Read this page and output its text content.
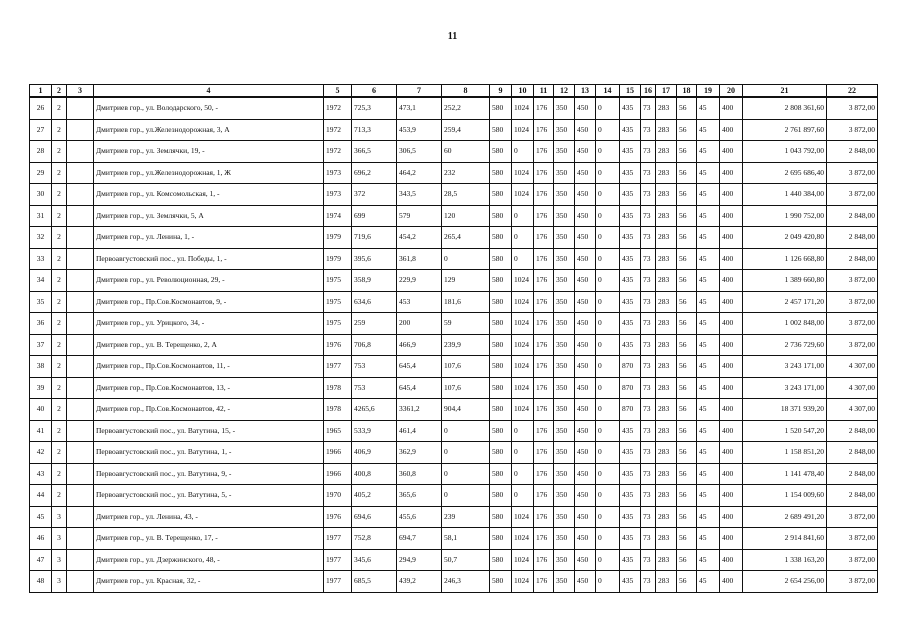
11
1	2	3	4	5	6	7	8	9	10	11	12	13	14	15	16	17	18	19	20	21	22
26	2		Дмитриев гор., ул. Володарского, 50, -	1972	725,3	473,1	252,2	580	1024	176	350	450	0	435	73	283	56	45	400	2 808 361,60	3 872,00
27	2		Дмитриев гор., ул.Железнодорожная, 3, А	1972	713,3	453,9	259,4	580	1024	176	350	450	0	435	73	283	56	45	400	2 761 897,60	3 872,00
28	2		Дмитриев гор., ул. Землячки, 19, -	1972	366,5	306,5	60	580	0	176	350	450	0	435	73	283	56	45	400	1 043 792,00	2 848,00
29	2		Дмитриев гор., ул.Железнодорожная, 1, Ж	1973	696,2	464,2	232	580	1024	176	350	450	0	435	73	283	56	45	400	2 695 686,40	3 872,00
30	2		Дмитриев гор., ул. Комсомольская, 1, -	1973	372	343,5	28,5	580	1024	176	350	450	0	435	73	283	56	45	400	1 440 384,00	3 872,00
31	2		Дмитриев гор., ул. Землячки, 5, А	1974	699	579	120	580	0	176	350	450	0	435	73	283	56	45	400	1 990 752,00	2 848,00
32	2		Дмитриев гор., ул. Ленина, 1, -	1979	719,6	454,2	265,4	580	0	176	350	450	0	435	73	283	56	45	400	2 049 420,80	2 848,00
33	2		Первоавгустовский пос., ул. Победы, 1, -	1979	395,6	361,8	0	580	0	176	350	450	0	435	73	283	56	45	400	1 126 668,80	2 848,00
34	2		Дмитриев гор., ул. Революционная, 29, -	1975	358,9	229,9	129	580	1024	176	350	450	0	435	73	283	56	45	400	1 389 660,80	3 872,00
35	2		Дмитриев гор., Пр.Сов.Космонавтов, 9, -	1975	634,6	453	181,6	580	1024	176	350	450	0	435	73	283	56	45	400	2 457 171,20	3 872,00
36	2		Дмитриев гор., ул. Урицкого, 34, -	1975	259	200	59	580	1024	176	350	450	0	435	73	283	56	45	400	1 002 848,00	3 872,00
37	2		Дмитриев гор., ул. В. Терещенко, 2, А	1976	706,8	466,9	239,9	580	1024	176	350	450	0	435	73	283	56	45	400	2 736 729,60	3 872,00
38	2		Дмитриев гор., Пр.Сов.Космонавтов, 11, -	1977	753	645,4	107,6	580	1024	176	350	450	0	870	73	283	56	45	400	3 243 171,00	4 307,00
39	2		Дмитриев гор., Пр.Сов.Космонавтов, 13, -	1978	753	645,4	107,6	580	1024	176	350	450	0	870	73	283	56	45	400	3 243 171,00	4 307,00
40	2		Дмитриев гор., Пр.Сов.Космонавтов, 42, -	1978	4265,6	3361,2	904,4	580	1024	176	350	450	0	870	73	283	56	45	400	18 371 939,20	4 307,00
41	2		Первоавгустовский пос., ул. Ватутина, 15, -	1965	533,9	461,4	0	580	0	176	350	450	0	435	73	283	56	45	400	1 520 547,20	2 848,00
42	2		Первоавгустовский пос., ул. Ватутина, 1, -	1966	406,9	362,9	0	580	0	176	350	450	0	435	73	283	56	45	400	1 158 851,20	2 848,00
43	2		Первоавгустовский пос., ул. Ватутина, 9, -	1966	400,8	360,8	0	580	0	176	350	450	0	435	73	283	56	45	400	1 141 478,40	2 848,00
44	2		Первоавгустовский пос., ул. Ватутина, 5, -	1970	405,2	365,6	0	580	0	176	350	450	0	435	73	283	56	45	400	1 154 009,60	2 848,00
45	3		Дмитриев гор., ул. Ленина, 43, -	1976	694,6	455,6	239	580	1024	176	350	450	0	435	73	283	56	45	400	2 689 491,20	3 872,00
46	3		Дмитриев гор., ул. В. Терещенко, 17, -	1977	752,8	694,7	58,1	580	1024	176	350	450	0	435	73	283	56	45	400	2 914 841,60	3 872,00
47	3		Дмитриев гор., ул. Дзержинского, 48, -	1977	345,6	294,9	50,7	580	1024	176	350	450	0	435	73	283	56	45	400	1 338 163,20	3 872,00
48	3		Дмитриев гор., ул. Красная, 32, -	1977	685,5	439,2	246,3	580	1024	176	350	450	0	435	73	283	56	45	400	2 654 256,00	3 872,00
